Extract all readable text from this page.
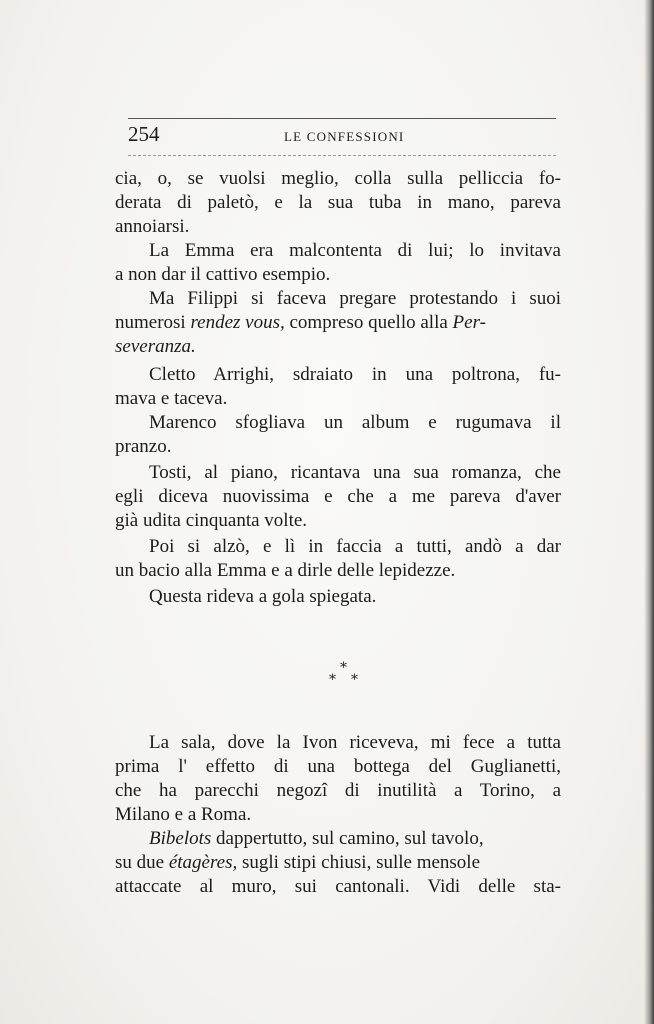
254	LE CONFESSIONI
cia, o, se vuolsi meglio, colla sulla pelliccia fo-
derata di paletò, e la sua tuba in mano, pareva
annoiarsi.
La Emma era malcontenta di lui; lo invitava
a non dar il cattivo esempio.
Ma Filippi si faceva pregare protestando i suoi
numerosi rendez vous, compreso quello alla Per-
severanza.
Cletto Arrighi, sdraiato in una poltrona, fu-
mava e taceva.
Marenco sfogliava un album e rugumava il
pranzo.
Tosti, al piano, ricantava una sua romanza, che
egli diceva nuovissima e che a me pareva d'aver
già udita cinquanta volte.
Poi si alzò, e lì in faccia a tutti, andò a dar
un bacio alla Emma e a dirle delle lepidezze.
Questa rideva a gola spiegata.
*
* *
La sala, dove la Ivon riceveva, mi fece a tutta
prima l' effetto di una bottega del Guglianetti,
che ha parecchi negozî di inutilità a Torino, a
Milano e a Roma.
Bibelots dappertutto, sul camino, sul tavolo,
su due étagères, sugli stipi chiusi, sulle mensole
attaccate al muro, sui cantonali. Vidi delle sta-
